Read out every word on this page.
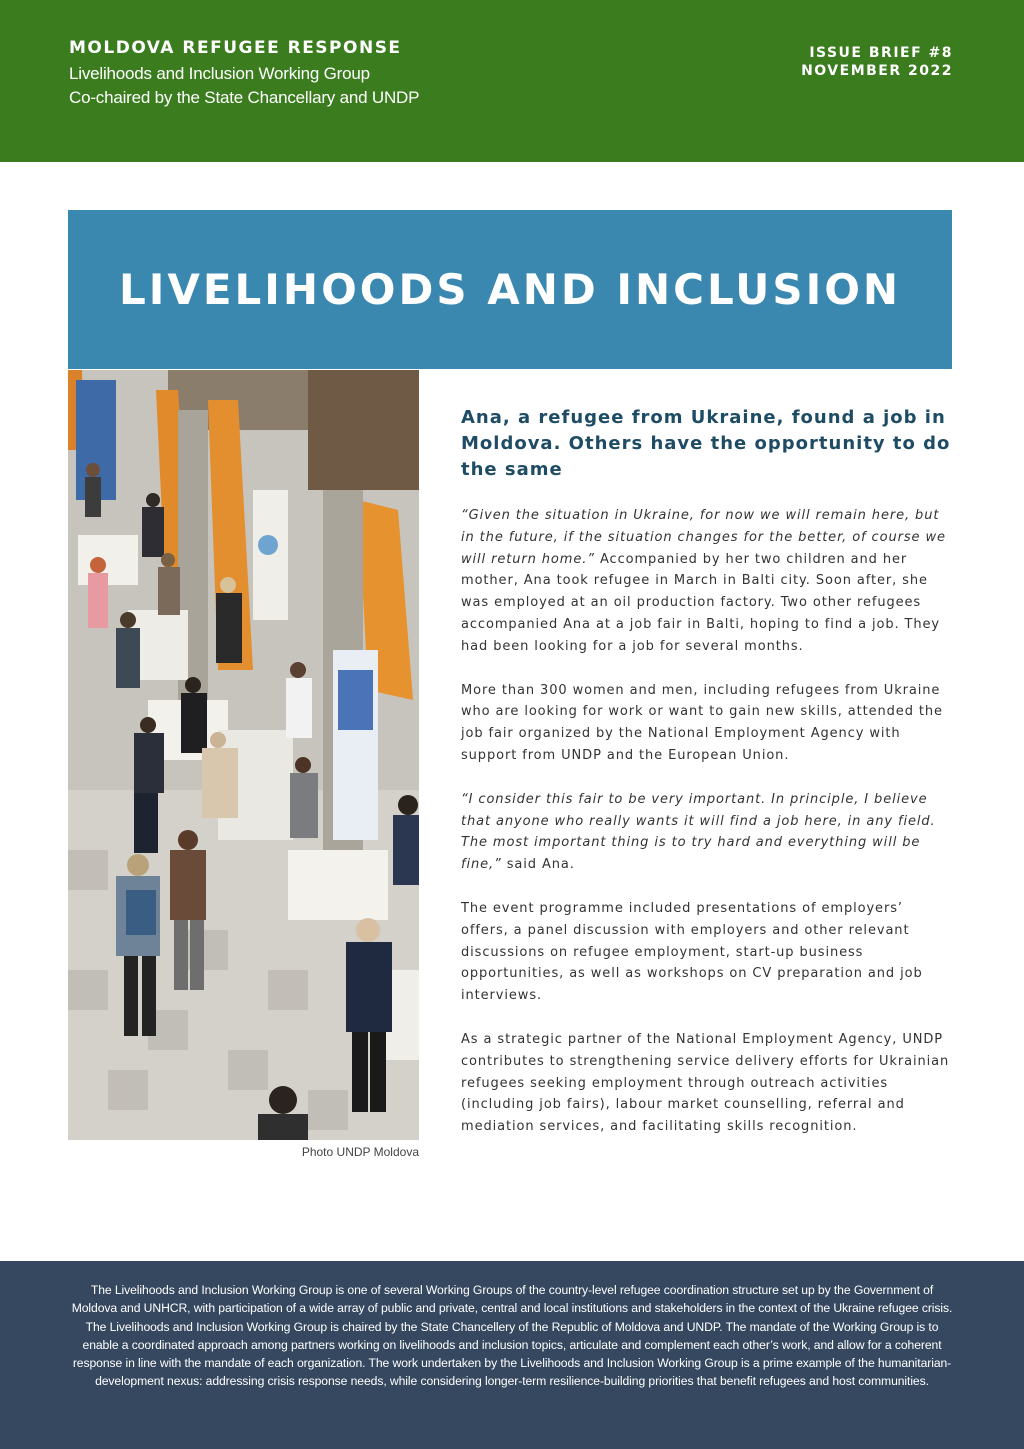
MOLDOVA REFUGEE RESPONSE
Livelihoods and Inclusion Working Group
Co-chaired by the State Chancellary and UNDP
ISSUE BRIEF #8
NOVEMBER 2022
LIVELIHOODS AND INCLUSION
Photo UNDP Moldova
Ana, a refugee from Ukraine, found a job in Moldova. Others have the opportunity to do the same

“Given the situation in Ukraine, for now we will remain here, but in the future, if the situation changes for the better, of course we will return home.” Accompanied by her two children and her mother, Ana took refugee in March in Balti city. Soon after, she was employed at an oil production factory. Two other refugees accompanied Ana at a job fair in Balti, hoping to find a job. They had been looking for a job for several months.

More than 300 women and men, including refugees from Ukraine who are looking for work or want to gain new skills, attended the job fair organized by the National Employment Agency with support from UNDP and the European Union.

“I consider this fair to be very important. In principle, I believe that anyone who really wants it will find a job here, in any field. The most important thing is to try hard and everything will be fine,” said Ana.

The event programme included presentations of employers’ offers, a panel discussion with employers and other relevant discussions on refugee employment, start-up business opportunities, as well as workshops on CV preparation and job interviews.

As a strategic partner of the National Employment Agency, UNDP contributes to strengthening service delivery efforts for Ukrainian refugees seeking employment through outreach activities (including job fairs), labour market counselling, referral and mediation services, and facilitating skills recognition.

The Livelihoods and Inclusion Working Group is one of several Working Groups of the country-level refugee coordination structure set up by the Government of Moldova and UNHCR, with participation of a wide array of public and private, central and local institutions and stakeholders in the context of the Ukraine refugee crisis. The Livelihoods and Inclusion Working Group is chaired by the State Chancellery of the Republic of Moldova and UNDP. The mandate of the Working Group is to enable a coordinated approach among partners working on livelihoods and inclusion topics, articulate and complement each other’s work, and allow for a coherent response in line with the mandate of each organization. The work undertaken by the Livelihoods and Inclusion Working Group is a prime example of the humanitarian-development nexus: addressing crisis response needs, while considering longer-term resilience-building priorities that benefit refugees and host communities.
